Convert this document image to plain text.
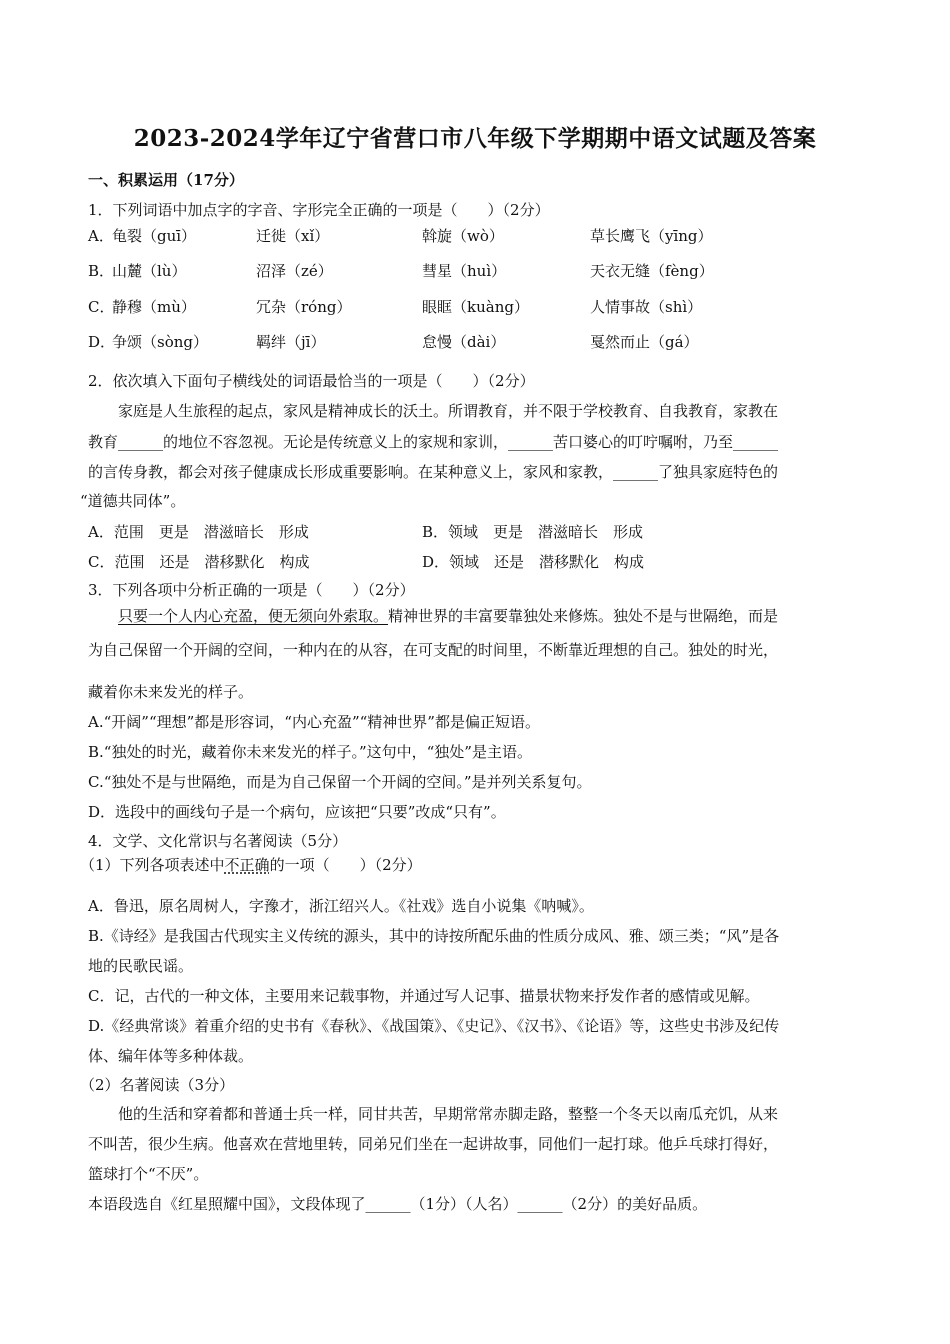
2023-2024学年辽宁省营口市八年级下学期期中语文试题及答案
一、积累运用（17分）
1．下列词语中加点字的字音、字形完全正确的一项是（　　）（2分）
A．
龟裂（guī）	迁徙（xǐ）	斡旋（wò）	草长鹰飞（yīng）
B．
山麓（lù）	沼泽（zé）	彗星（huì）	天衣无缝（fèng）
C．
静穆（mù）	冗杂（róng）	眼眶（kuàng）	人情事故（shì）
D．
争颂（sòng）	羁绊（jī）	怠慢（dài）	戛然而止（gá）
2．依次填入下面句子横线处的词语最恰当的一项是（　　）（2分）
家庭是人生旅程的起点，家风是精神成长的沃土。所谓教育，并不限于学校教育、自我教育，家教在
教育______的地位不容忽视。无论是传统意义上的家规和家训，______苦口婆心的叮咛嘱咐，乃至______
的言传身教，都会对孩子健康成长形成重要影响。在某种意义上，家风和家教，______了独具家庭特色的
“道德共同体”。
A．范围　更是　潜滋暗长　形成	B．领域　更是　潜滋暗长　形成
C．范围　还是　潜移默化　构成	D．领域　还是　潜移默化　构成
3．下列各项中分析正确的一项是（　　）（2分）
只要一个人内心充盈，便无须向外索取。精神世界的丰富要靠独处来修炼。独处不是与世隔绝，而是
为自己保留一个开阔的空间，一种内在的从容，在可支配的时间里，不断靠近理想的自己。独处的时光，
藏着你未来发光的样子。
A.“开阔”“理想”都是形容词，“内心充盈”“精神世界”都是偏正短语。
B.“独处的时光，藏着你未来发光的样子。”这句中，“独处”是主语。
C.“独处不是与世隔绝，而是为自己保留一个开阔的空间。”是并列关系复句。
D．选段中的画线句子是一个病句，应该把“只要”改成“只有”。
4．文学、文化常识与名著阅读（5分）
（1）下列各项表述中不正确的一项（　　）（2分）
A．鲁迅，原名周树人，字豫才，浙江绍兴人。《社戏》选自小说集《呐喊》。
B.《诗经》是我国古代现实主义传统的源头，其中的诗按所配乐曲的性质分成风、雅、颂三类；“风”是各
地的民歌民谣。
C．记，古代的一种文体，主要用来记载事物，并通过写人记事、描景状物来抒发作者的感情或见解。
D.《经典常谈》着重介绍的史书有《春秋》、《战国策》、《史记》、《汉书》、《论语》等，这些史书涉及纪传
体、编年体等多种体裁。
（2）名著阅读（3分）
他的生活和穿着都和普通士兵一样，同甘共苦，早期常常赤脚走路，整整一个冬天以南瓜充饥，从来
不叫苦，很少生病。他喜欢在营地里转，同弟兄们坐在一起讲故事，同他们一起打球。他乒乓球打得好，
篮球打个“不厌”。
本语段选自《红星照耀中国》，文段体现了______（1分）（人名）______（2分）的美好品质。
